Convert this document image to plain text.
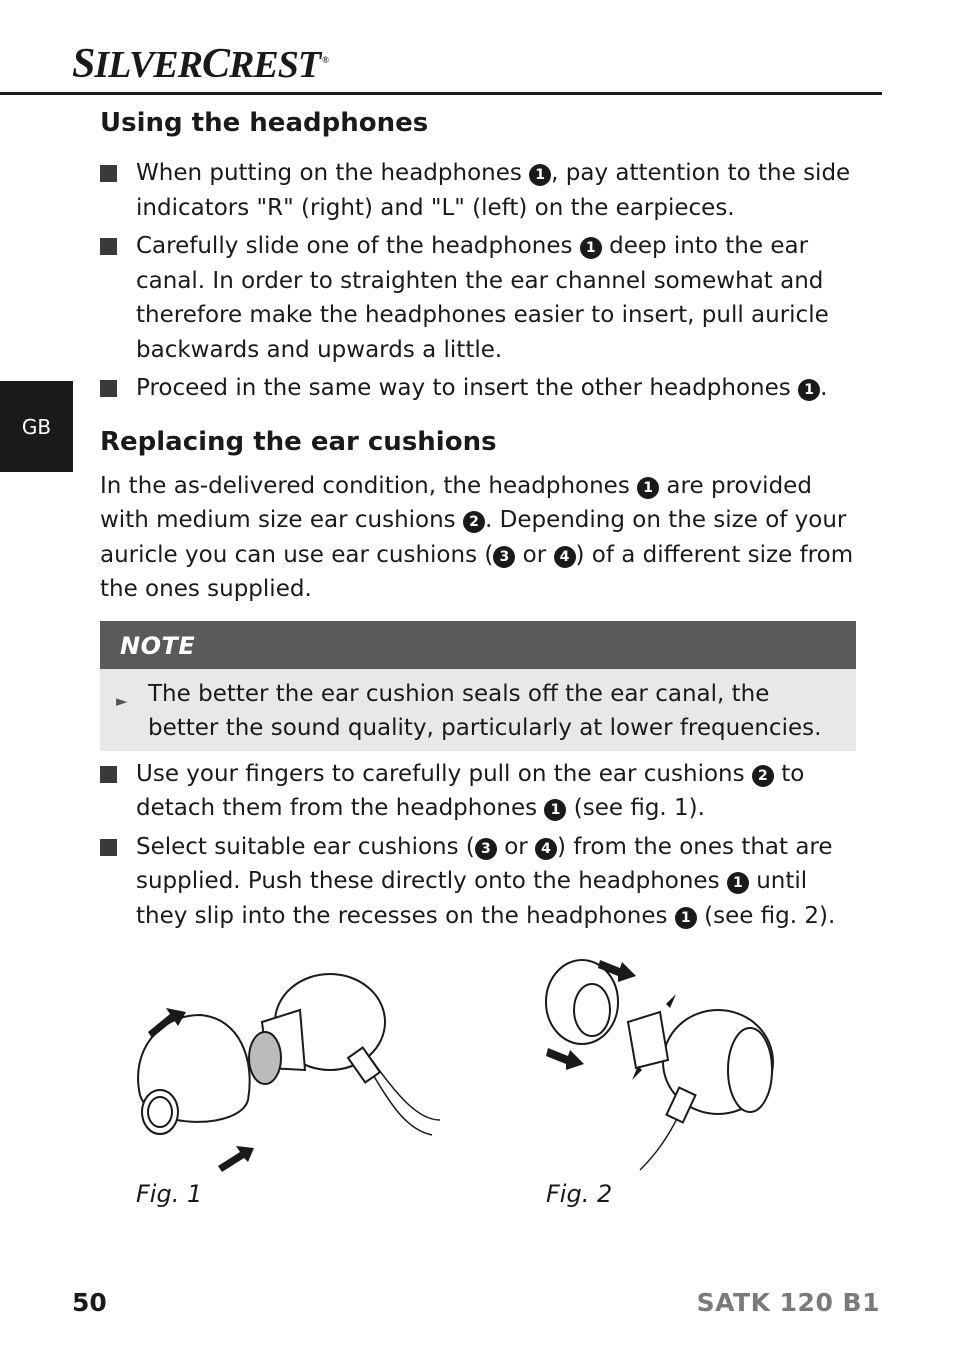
SILVERCREST ®
GB
Using the headphones
When putting on the headphones 1 , pay attention to the side indicators "R" (right) and "L" (left) on the earpieces.
Carefully slide one of the headphones 1 deep into the ear canal. In order to straighten the ear channel somewhat and therefore make the headphones easier to insert, pull auricle backwards and upwards a little.
Proceed in the same way to insert the other headphones 1 .
Replacing the ear cushions

In the as-delivered condition, the headphones 1 are provided with medium size ear cushions 2 . Depending on the size of your auricle you can use ear cushions ( 3 or 4 ) of a different size from the ones supplied.

NOTE
► The better the ear cushion seals off the ear canal, the better the sound quality, particularly at lower frequencies.
Use your fingers to carefully pull on the ear cushions 2 to detach them from the headphones 1 (see fig. 1).
Select suitable ear cushions ( 3 or 4 ) from the ones that are supplied. Push these directly onto the headphones 1 until they slip into the recesses on the headphones 1 (see fig. 2).
Fig. 1	Fig. 2
50	SATK 120 B1
